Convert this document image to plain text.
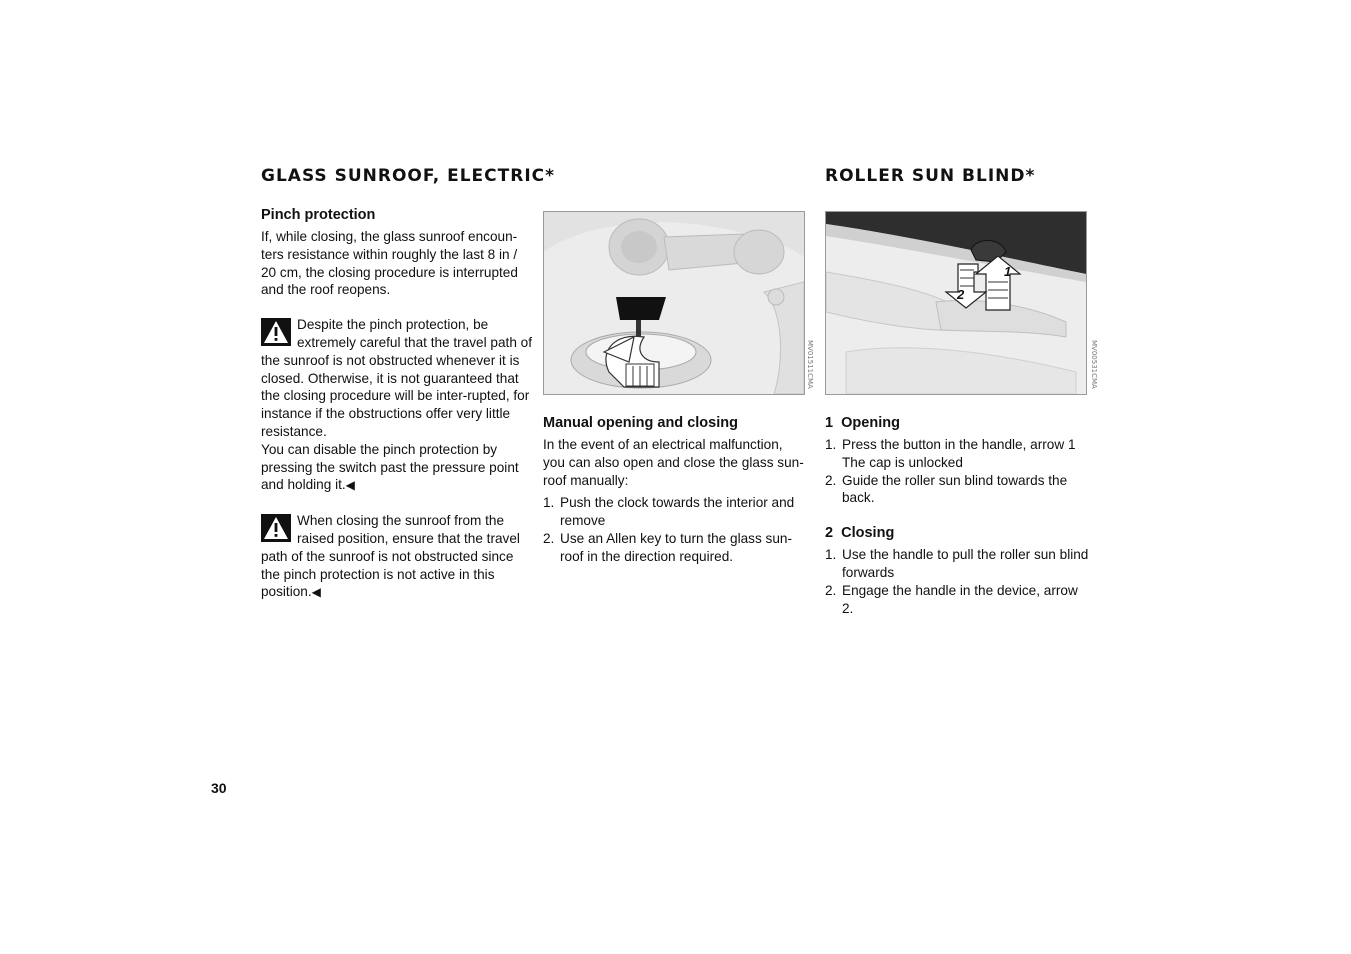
GLASS SUNROOF, ELECTRIC*	ROLLER SUN BLIND*
Pinch protection

If, while closing, the glass sunroof encoun-ters resistance within roughly the last 8 in / 20 cm, the closing procedure is interrupted and the roof reopens.

Despite the pinch protection, be extremely careful that the travel path of the sunroof is not obstructed whenever it is closed. Otherwise, it is not guaranteed that the closing procedure will be inter-rupted, for instance if the obstructions offer very little resistance.

You can disable the pinch protection by pressing the switch past the pressure point and holding it.◀

When closing the sunroof from the raised position, ensure that the travel path of the sunroof is not obstructed since the pinch protection is not active in this position.◀

MV01511CMA
Manual opening and closing

In the event of an electrical malfunction, you can also open and close the glass sun-roof manually:

1. Push the clock towards the interior and remove
2. Use an Allen key to turn the glass sun-roof in the direction required.
1
2
MV00531CMA
1 Opening
1. Press the button in the handle, arrow 1
The cap is unlocked
2. Guide the roller sun blind towards the back.
2 Closing
1. Use the handle to pull the roller sun blind forwards
2. Engage the handle in the device, arrow 2.
30
